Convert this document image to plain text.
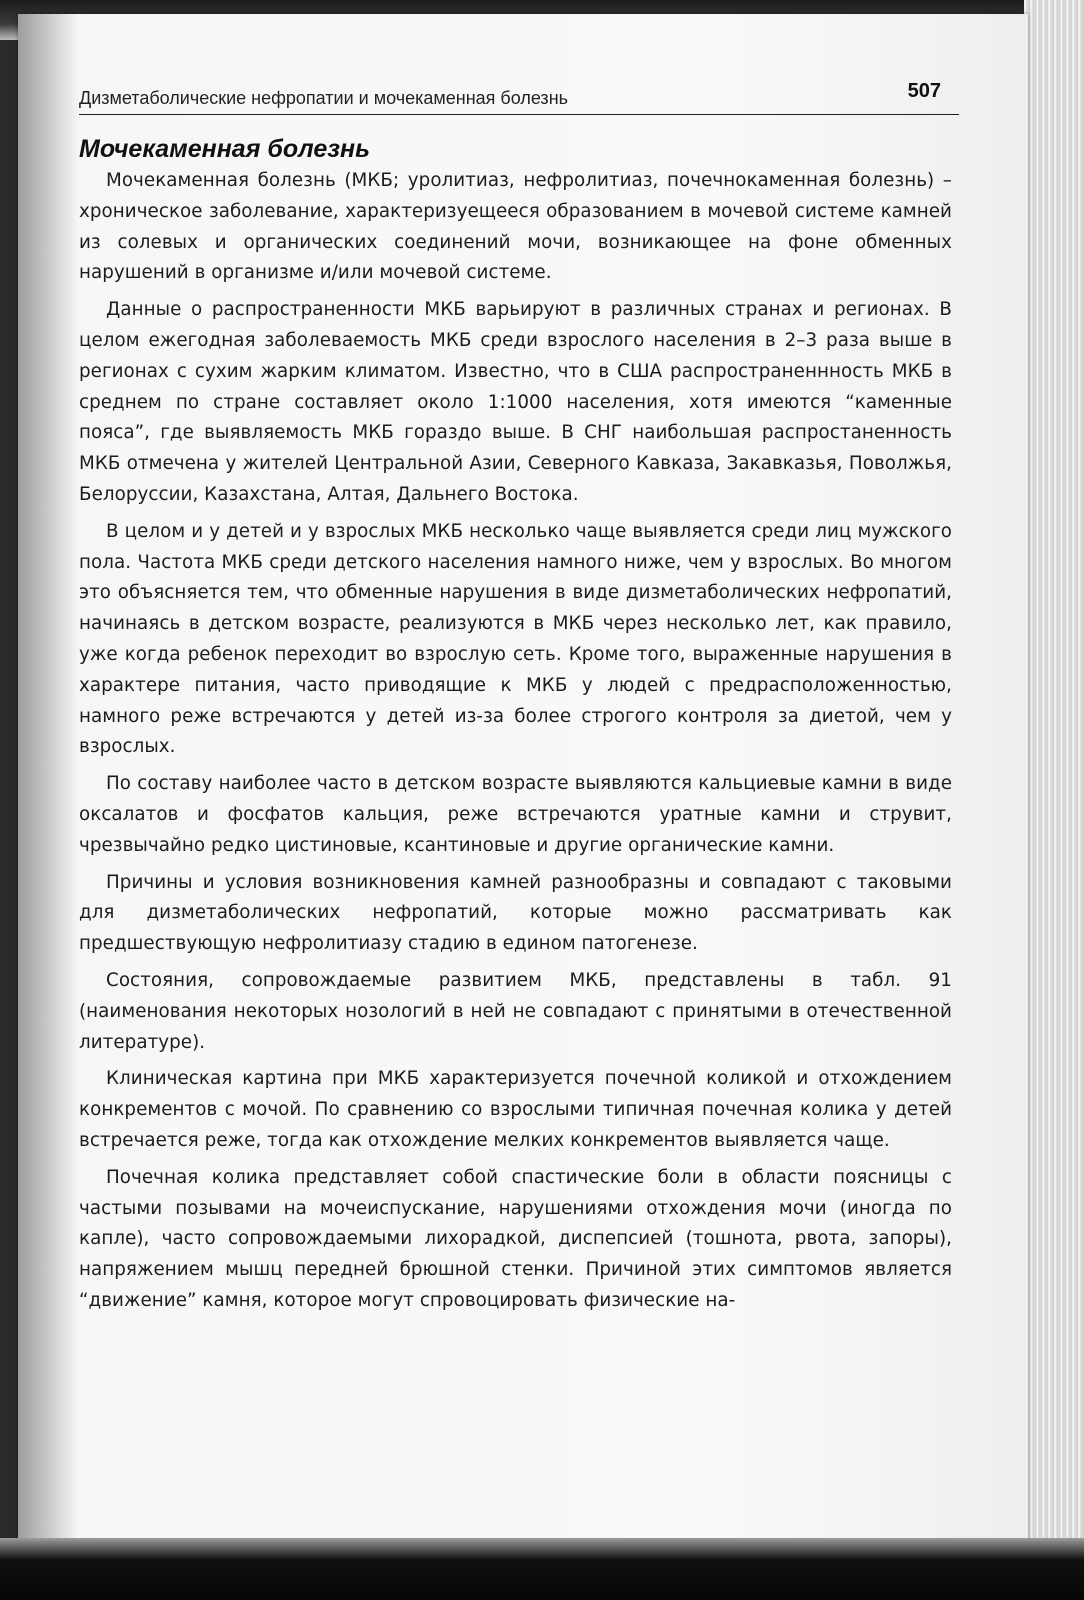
Дизметаболические нефропатии и мочекаменная болезнь	507
Мочекаменная болезнь

Мочекаменная болезнь (МКБ; уролитиаз, нефролитиаз, почечнокаменная болезнь) – хроническое заболевание, характеризуещееся образованием в мочевой системе камней из солевых и органических соединений мочи, возникающее на фоне обменных нарушений в организме и/или мочевой системе.

Данные о распространенности МКБ варьируют в различных странах и регионах. В целом ежегодная заболеваемость МКБ среди взрослого населения в 2–3 раза выше в регионах с сухим жарким климатом. Известно, что в США распространеннность МКБ в среднем по стране составляет около 1:1000 населения, хотя имеются “каменные пояса”, где выявляемость МКБ гораздо выше. В СНГ наибольшая распростаненность МКБ отмечена у жителей Центральной Азии, Северного Кавказа, Закавказья, Поволжья, Белоруссии, Казахстана, Алтая, Дальнего Востока.

В целом и у детей и у взрослых МКБ несколько чаще выявляется среди лиц мужского пола. Частота МКБ среди детского населения намного ниже, чем у взрослых. Во многом это объясняется тем, что обменные нарушения в виде дизметаболических нефропатий, начинаясь в детском возрасте, реализуются в МКБ через несколько лет, как правило, уже когда ребенок переходит во взрослую сеть. Кроме того, выраженные нарушения в характере питания, часто приводящие к МКБ у людей с предрасположенностью, намного реже встречаются у детей из-за более строгого контроля за диетой, чем у взрослых.

По составу наиболее часто в детском возрасте выявляются кальциевые камни в виде оксалатов и фосфатов кальция, реже встречаются уратные камни и струвит, чрезвычайно редко цистиновые, ксантиновые и другие органические камни.

Причины и условия возникновения камней разнообразны и совпадают с таковыми для дизметаболических нефропатий, которые можно рассматривать как предшествующую нефролитиазу стадию в едином патогенезе.

Состояния, сопровождаемые развитием МКБ, представлены в табл. 91 (наименования некоторых нозологий в ней не совпадают с принятыми в отечественной литературе).

Клиническая картина при МКБ характеризуется почечной коликой и отхождением конкрементов с мочой. По сравнению со взрослыми типичная почечная колика у детей встречается реже, тогда как отхождение мелких конкрементов выявляется чаще.

Почечная колика представляет собой спастические боли в области поясницы с частыми позывами на мочеиспускание, нарушениями отхождения мочи (иногда по капле), часто сопровождаемыми лихорадкой, диспепсией (тошнота, рвота, запоры), напряжением мышц передней брюшной стенки. Причиной этих симптомов является “движение” камня, которое могут спровоцировать физические на-
